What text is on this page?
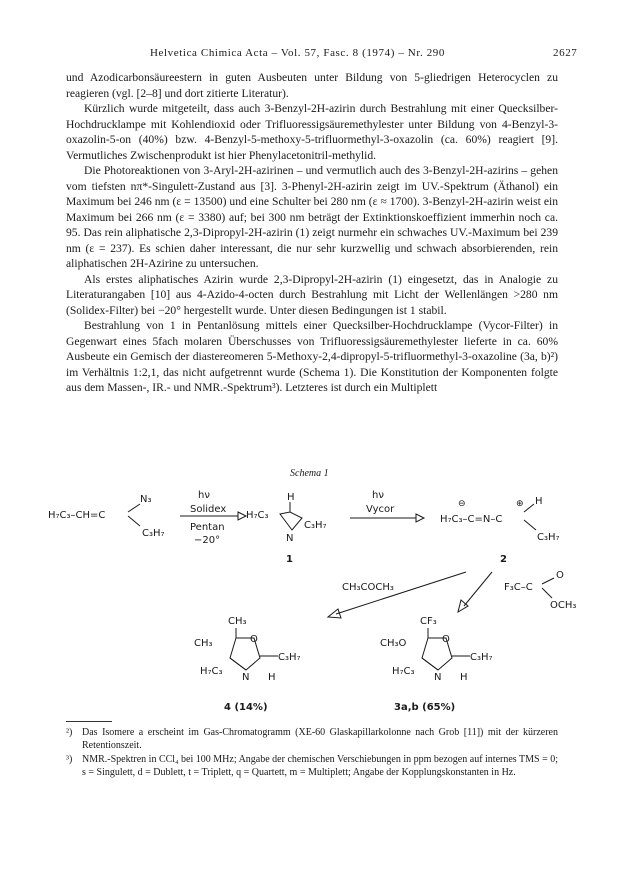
Helvetica Chimica Acta – Vol. 57, Fasc. 8 (1974) – Nr. 290	2627

und Azodicarbonsäureestern in guten Ausbeuten unter Bildung von 5-gliedrigen Heterocyclen zu reagieren (vgl. [2–8] und dort zitierte Literatur).

Kürzlich wurde mitgeteilt, dass auch 3-Benzyl-2H-azirin durch Bestrahlung mit einer Quecksilber-Hochdrucklampe mit Kohlendioxid oder Trifluoressigsäuremethylester unter Bildung von 4-Benzyl-3-oxazolin-5-on (40%) bzw. 4-Benzyl-5-methoxy-5-trifluormethyl-3-oxazolin (ca. 60%) reagiert [9]. Vermutliches Zwischenprodukt ist hier Phenylacetonitril-methylid.

Die Photoreaktionen von 3-Aryl-2H-azirinen – und vermutlich auch des 3-Benzyl-2H-azirins – gehen vom tiefsten nπ*-Singulett-Zustand aus [3]. 3-Phenyl-2H-azirin zeigt im UV.-Spektrum (Äthanol) ein Maximum bei 246 nm (ε = 13500) und eine Schulter bei 280 nm (ε ≈ 1700). 3-Benzyl-2H-azirin weist ein Maximum bei 266 nm (ε = 3380) auf; bei 300 nm beträgt der Extinktionskoeffizient immerhin noch ca. 95. Das rein aliphatische 2,3-Dipropyl-2H-azirin (1) zeigt nurmehr ein schwaches UV.-Maximum bei 239 nm (ε = 237). Es schien daher interessant, die nur sehr kurzwellig und schwach absorbierenden, rein aliphatischen 2H-Azirine zu untersuchen.

Als erstes aliphatisches Azirin wurde 2,3-Dipropyl-2H-azirin (1) eingesetzt, das in Analogie zu Literaturangaben [10] aus 4-Azido-4-octen durch Bestrahlung mit Licht der Wellenlängen >280 nm (Solidex-Filter) bei −20° hergestellt wurde. Unter diesen Bedingungen ist 1 stabil.

Bestrahlung von 1 in Pentanlösung mittels einer Quecksilber-Hochdrucklampe (Vycor-Filter) in Gegenwart eines 5fach molaren Überschusses von Trifluoressigsäuremethylester lieferte in ca. 60% Ausbeute ein Gemisch der diastereomeren 5-Methoxy-2,4-dipropyl-5-trifluormethyl-3-oxazoline (3a, b)²) im Verhältnis 1:2,1, das nicht aufgetrennt wurde (Schema 1). Die Konstitution der Komponenten folgte aus dem Massen-, IR.- und NMR.-Spektrum³). Letzteres ist durch ein Multiplett

Schema 1
H₇C₃–CH=C
N₃
C₃H₇
hν
Solidex
Pentan
−20°
H
H₇C₃
N
C₃H₇
1
hν
Vycor	⊖	⊕
H₇C₃–C=N–C
H
C₃H₇
2
CH₃COCH₃
O
F₃C–C
OCH₃
CH₃
CH₃	O
C₃H₇
H₇C₃
N H
4 (14%)
CF₃
CH₃O	O
C₃H₇
H₇C₃
N H
3a,b (65%)
²) Das Isomere a erscheint im Gas-Chromatogramm (XE-60 Glaskapillarkolonne nach Grob [11]) mit der kürzeren Retentionszeit.
³) NMR.-Spektren in CCl₄ bei 100 MHz; Angabe der chemischen Verschiebungen in ppm bezogen auf internes TMS = 0; s = Singulett, d = Dublett, t = Triplett, q = Quartett, m = Multiplett; Angabe der Kopplungskonstanten in Hz.
